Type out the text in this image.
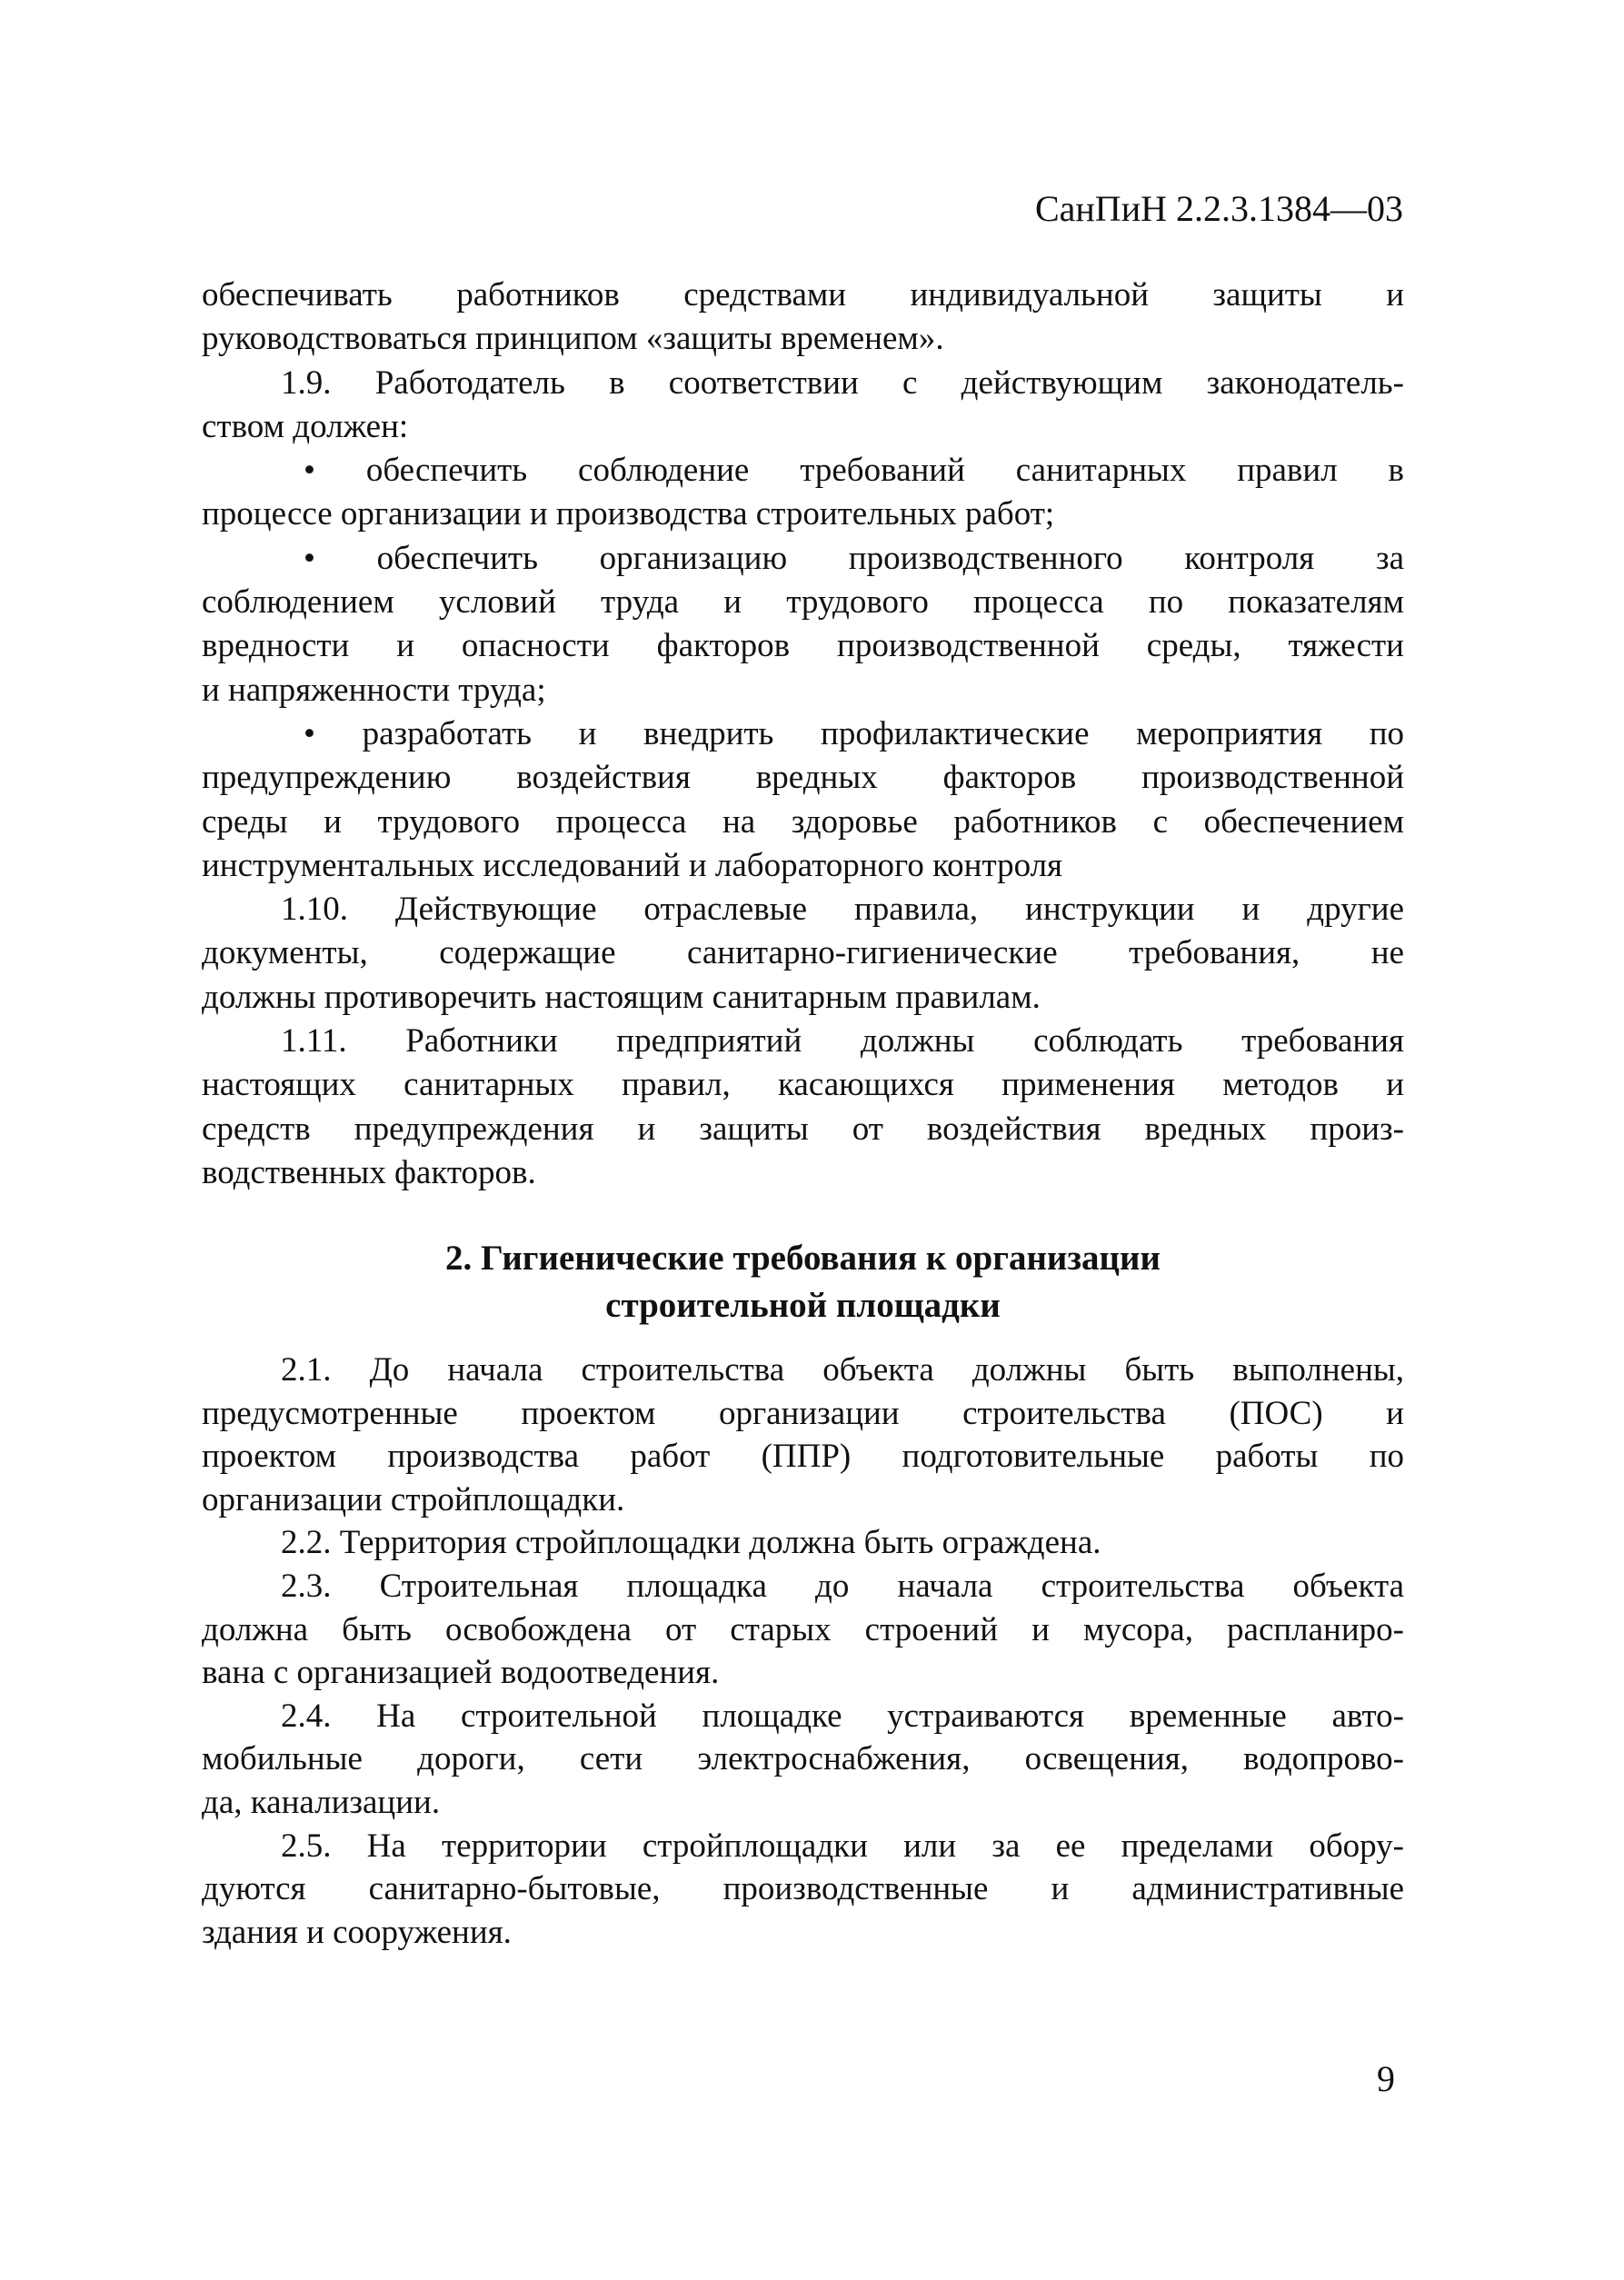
СанПиН 2.2.3.1384—03
обеспечивать работников средствами индивидуальной защиты и
руководствоваться принципом «защиты временем».
1.9. Работодатель в соответствии с действующим законодатель-
ством должен:
• обеспечить соблюдение требований санитарных правил в
процессе организации и производства строительных работ;
• обеспечить организацию производственного контроля за
соблюдением условий труда и трудового процесса по показателям
вредности и опасности факторов производственной среды, тяжести
и напряженности труда;
• разработать и внедрить профилактические мероприятия по
предупреждению воздействия вредных факторов производственной
среды и трудового процесса на здоровье работников с обеспечением
инструментальных исследований и лабораторного контроля
1.10. Действующие отраслевые правила, инструкции и другие
документы, содержащие санитарно-гигиенические требования, не
должны противоречить настоящим санитарным правилам.
1.11. Работники предприятий должны соблюдать требования
настоящих санитарных правил, касающихся применения методов и
средств предупреждения и защиты от воздействия вредных произ-
водственных факторов.
2. Гигиенические требования к организации
строительной площадки
2.1. До начала строительства объекта должны быть выполнены,
предусмотренные проектом организации строительства (ПОС) и
проектом производства работ (ППР) подготовительные работы по
организации стройплощадки.
2.2. Территория стройплощадки должна быть ограждена.
2.3. Строительная площадка до начала строительства объекта
должна быть освобождена от старых строений и мусора, распланиро-
вана с организацией водоотведения.
2.4. На строительной площадке устраиваются временные авто-
мобильные дороги, сети электроснабжения, освещения, водопрово-
да, канализации.
2.5. На территории стройплощадки или за ее пределами обору-
дуются санитарно-бытовые, производственные и административные
здания и сооружения.
9
